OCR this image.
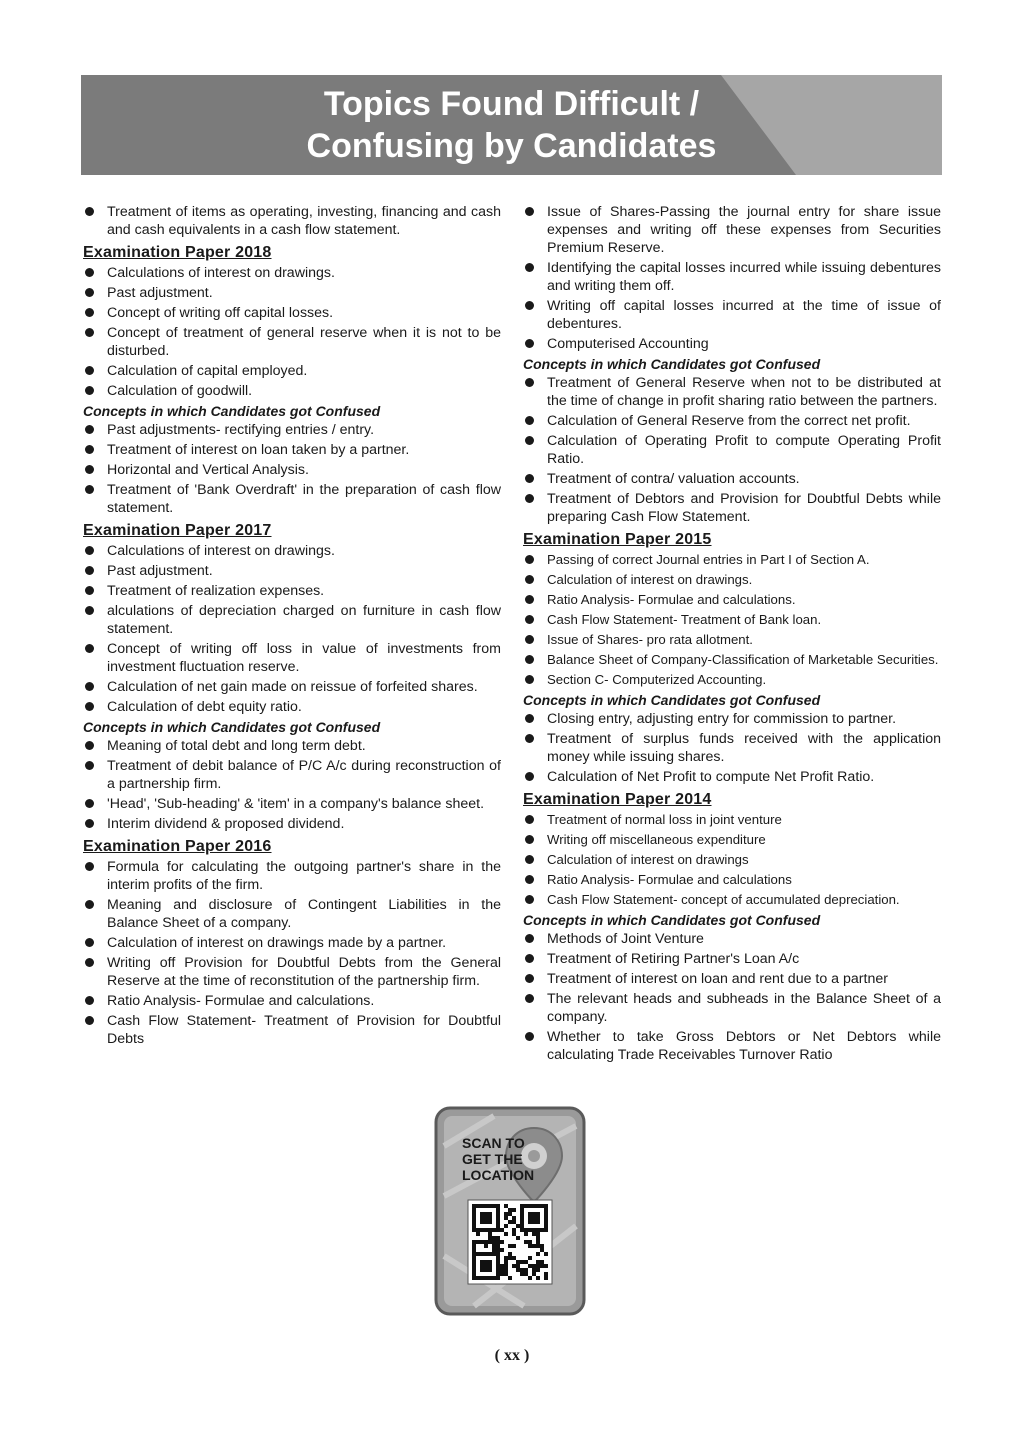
Topics Found Difficult /
Confusing by Candidates
Treatment of items as operating, investing, financing and cash and cash equivalents in a cash flow statement.
Examination Paper 2018
Calculations of interest on drawings.
Past adjustment.
Concept of writing off capital losses.
Concept of treatment of general reserve when it is not to be disturbed.
Calculation of capital employed.
Calculation of goodwill.
Concepts in which Candidates got Confused
Past adjustments- rectifying entries / entry.
Treatment of interest on loan taken by a partner.
Horizontal and Vertical Analysis.
Treatment of 'Bank Overdraft' in the preparation of cash flow statement.
Examination Paper 2017
Calculations of interest on drawings.
Past adjustment.
Treatment of realization expenses.
alculations of depreciation charged on furniture in cash flow statement.
Concept of writing off loss in value of investments from investment fluctuation reserve.
Calculation of net gain made on reissue of forfeited shares.
Calculation of debt equity ratio.
Concepts in which Candidates got Confused
Meaning of total debt and long term debt.
Treatment of debit balance of P/C A/c during reconstruction of a partnership firm.
'Head', 'Sub-heading' & 'item' in a company's balance sheet.
Interim dividend & proposed dividend.
Examination Paper 2016
Formula for calculating the outgoing partner's share in the interim profits of the firm.
Meaning and disclosure of Contingent Liabilities in the Balance Sheet of a company.
Calculation of interest on drawings made by a partner.
Writing off Provision for Doubtful Debts from the General Reserve at the time of reconstitution of the partnership firm.
Ratio Analysis- Formulae and calculations.
Cash Flow Statement- Treatment of Provision for Doubtful Debts
Issue of Shares-Passing the journal entry for share issue expenses and writing off these expenses from Securities Premium Reserve.
Identifying the capital losses incurred while issuing debentures and writing them off.
Writing off capital losses incurred at the time of issue of debentures.
Computerised Accounting
Concepts in which Candidates got Confused
Treatment of General Reserve when not to be distributed at the time of change in profit sharing ratio between the partners.
Calculation of General Reserve from the correct net profit.
Calculation of Operating Profit to compute Operating Profit Ratio.
Treatment of contra/ valuation accounts.
Treatment of Debtors and Provision for Doubtful Debts while preparing Cash Flow Statement.
Examination Paper 2015
Passing of correct Journal entries in Part I of Section A.
Calculation of interest on drawings.
Ratio Analysis- Formulae and calculations.
Cash Flow Statement- Treatment of Bank loan.
Issue of Shares- pro rata allotment.
Balance Sheet of Company-Classification of Marketable Securities.
Section C- Computerized Accounting.
Concepts in which Candidates got Confused
Closing entry, adjusting entry for commission to partner.
Treatment of surplus funds received with the application money while issuing shares.
Calculation of Net Profit to compute Net Profit Ratio.
Examination Paper 2014
Treatment of normal loss in joint venture
Writing off miscellaneous expenditure
Calculation of interest on drawings
Ratio Analysis- Formulae and calculations
Cash Flow Statement- concept of accumulated depreciation.
Concepts in which Candidates got Confused
Methods of Joint Venture
Treatment of Retiring Partner's Loan A/c
Treatment of interest on loan and rent due to a partner
The relevant heads and subheads in the Balance Sheet of a company.
Whether to take Gross Debtors or Net Debtors while calculating Trade Receivables Turnover Ratio
SCAN TO
GET THE
LOCATION
( xx )
